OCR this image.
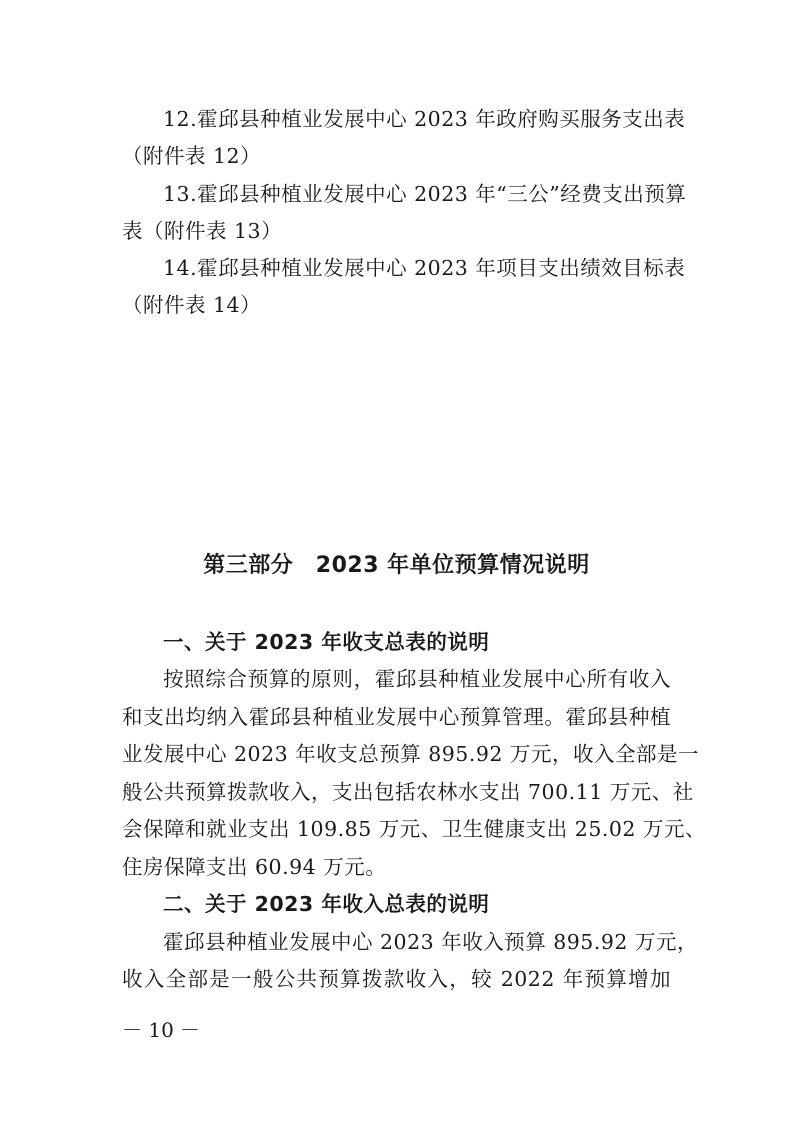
12.霍邱县种植业发展中心 2023 年政府购买服务支出表
（附件表 12）
13.霍邱县种植业发展中心 2023 年“三公”经费支出预算
表（附件表 13）
14.霍邱县种植业发展中心 2023 年项目支出绩效目标表
（附件表 14）
第三部分　2023 年单位预算情况说明
一、关于 2023 年收支总表的说明
按照综合预算的原则，霍邱县种植业发展中心所有收入
和支出均纳入霍邱县种植业发展中心预算管理。霍邱县种植
业发展中心 2023 年收支总预算 895.92 万元，收入全部是一
般公共预算拨款收入，支出包括农林水支出 700.11 万元、社
会保障和就业支出 109.85 万元、卫生健康支出 25.02 万元、
住房保障支出 60.94 万元。
二、关于 2023 年收入总表的说明
霍邱县种植业发展中心 2023 年收入预算 895.92 万元，
收入全部是一般公共预算拨款收入，较 2022 年预算增加
－ 10 －
